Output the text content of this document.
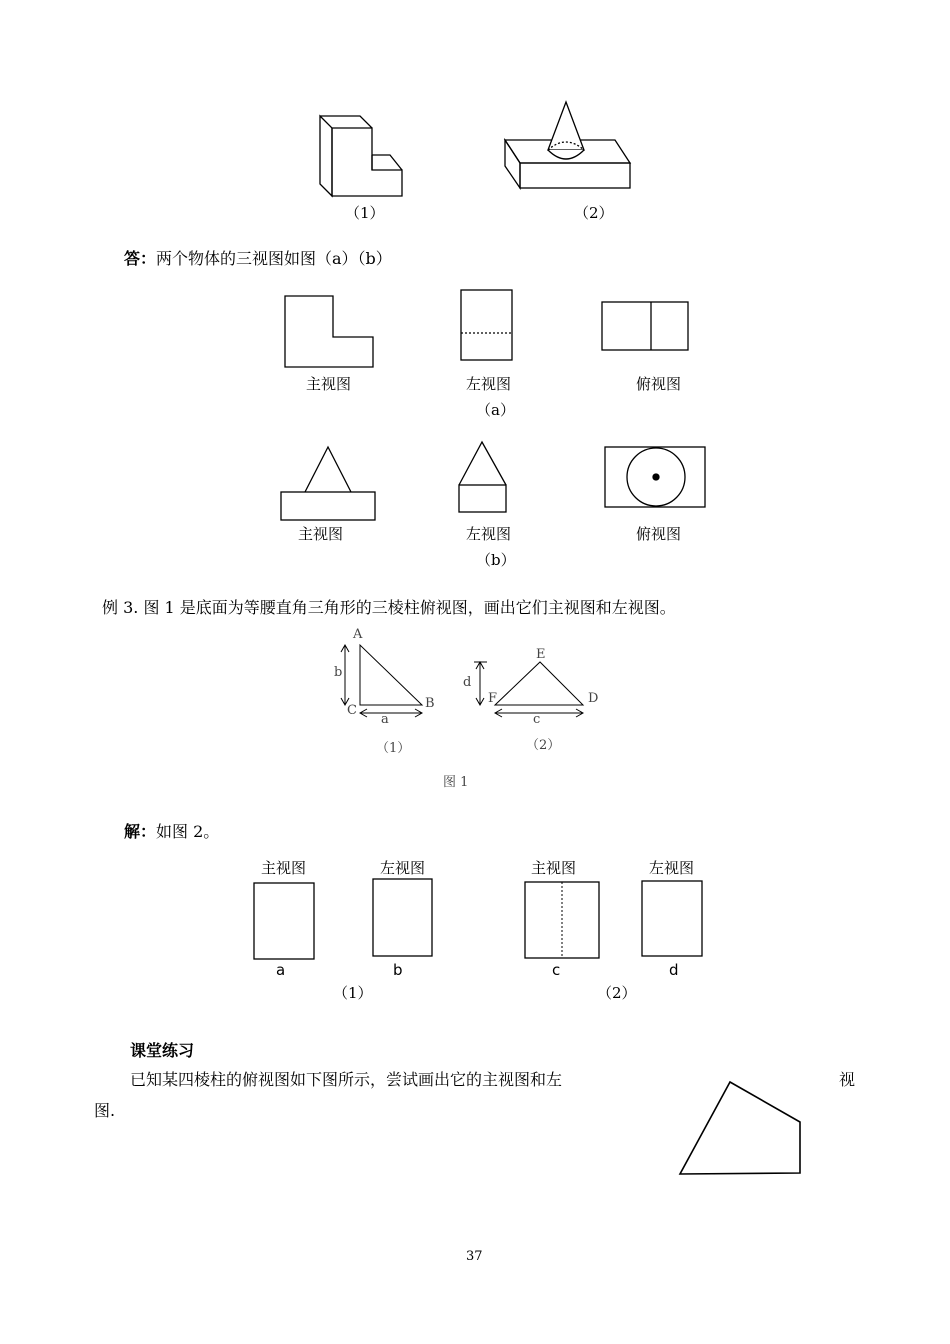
（1）	（2）
答：两个物体的三视图如图（a）（b）
主视图	左视图	俯视图
（a）
主视图	左视图	俯视图
（b）
例 3. 图 1 是底面为等腰直角三角形的三棱柱俯视图，画出它们主视图和左视图。
A
B
C
b
a
（1）
E
F	D
d
c
（2）
图 1
解：如图 2。
主视图	左视图	主视图	左视图
a	b	c	d
（1）	（2）
课堂练习
已知某四棱柱的俯视图如下图所示，尝试画出它的主视图和左	视
图.
37
